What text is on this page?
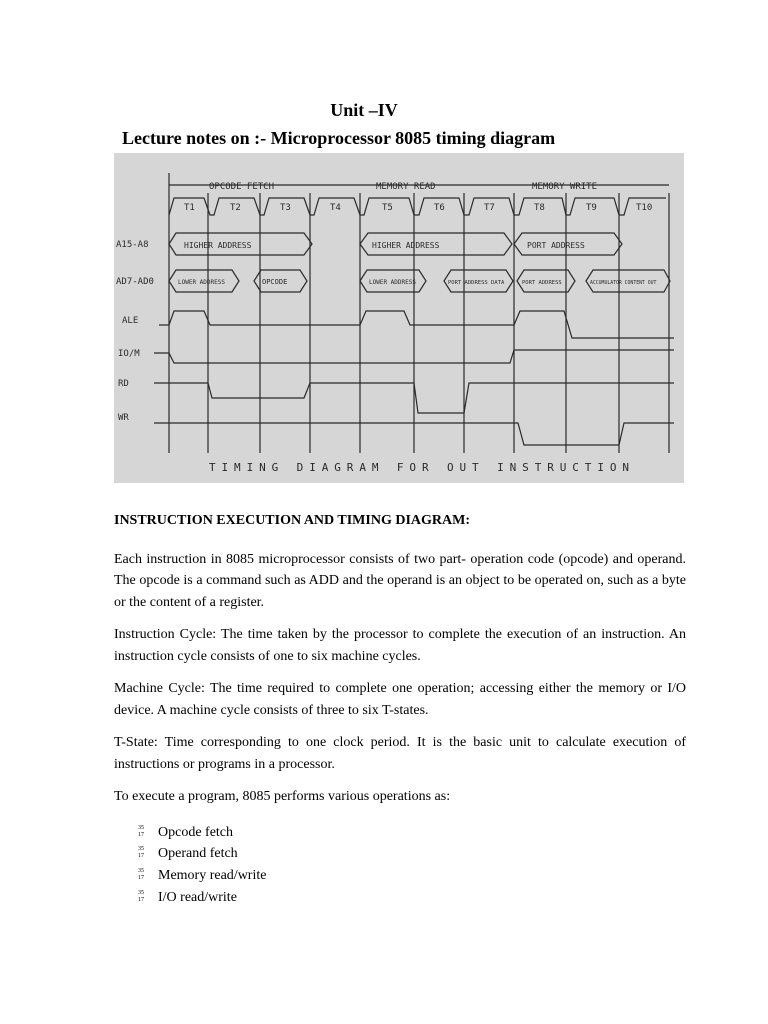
Unit –IV
Lecture notes on :- Microprocessor 8085 timing diagram
OPCODE FETCH	MEMORY READ	MEMORY WRITE
T1	T2	T3	T4	T5	T6	T7	T8	T9	T10
A15-A8
AD7-AD0
ALE
IO/M
RD
WR
HIGHER ADDRESS	HIGHER ADDRESS	PORT ADDRESS
LOWER ADDRESS	OPCODE	LOWER ADDRESS	PORT ADDRESS DATA	PORT ADDRESS	ACCUMULATOR CONTENT OUT
TIMING DIAGRAM FOR OUT INSTRUCTION
INSTRUCTION EXECUTION AND TIMING DIAGRAM:

Each instruction in 8085 microprocessor consists of two part- operation code (opcode) and operand. The opcode is a command such as ADD and the operand is an object to be operated on, such as a byte or the content of a register.

Instruction Cycle: The time taken by the processor to complete the execution of an instruction. An instruction cycle consists of one to six machine cycles.

Machine Cycle: The time required to complete one operation; accessing either the memory or I/O device. A machine cycle consists of three to six T-states.

T-State: Time corresponding to one clock period. It is the basic unit to calculate execution of instructions or programs in a processor.

To execute a program, 8085 performs various operations as:

35
17 Opcode fetch
35
17 Operand fetch
35
17 Memory read/write
35
17 I/O read/write
